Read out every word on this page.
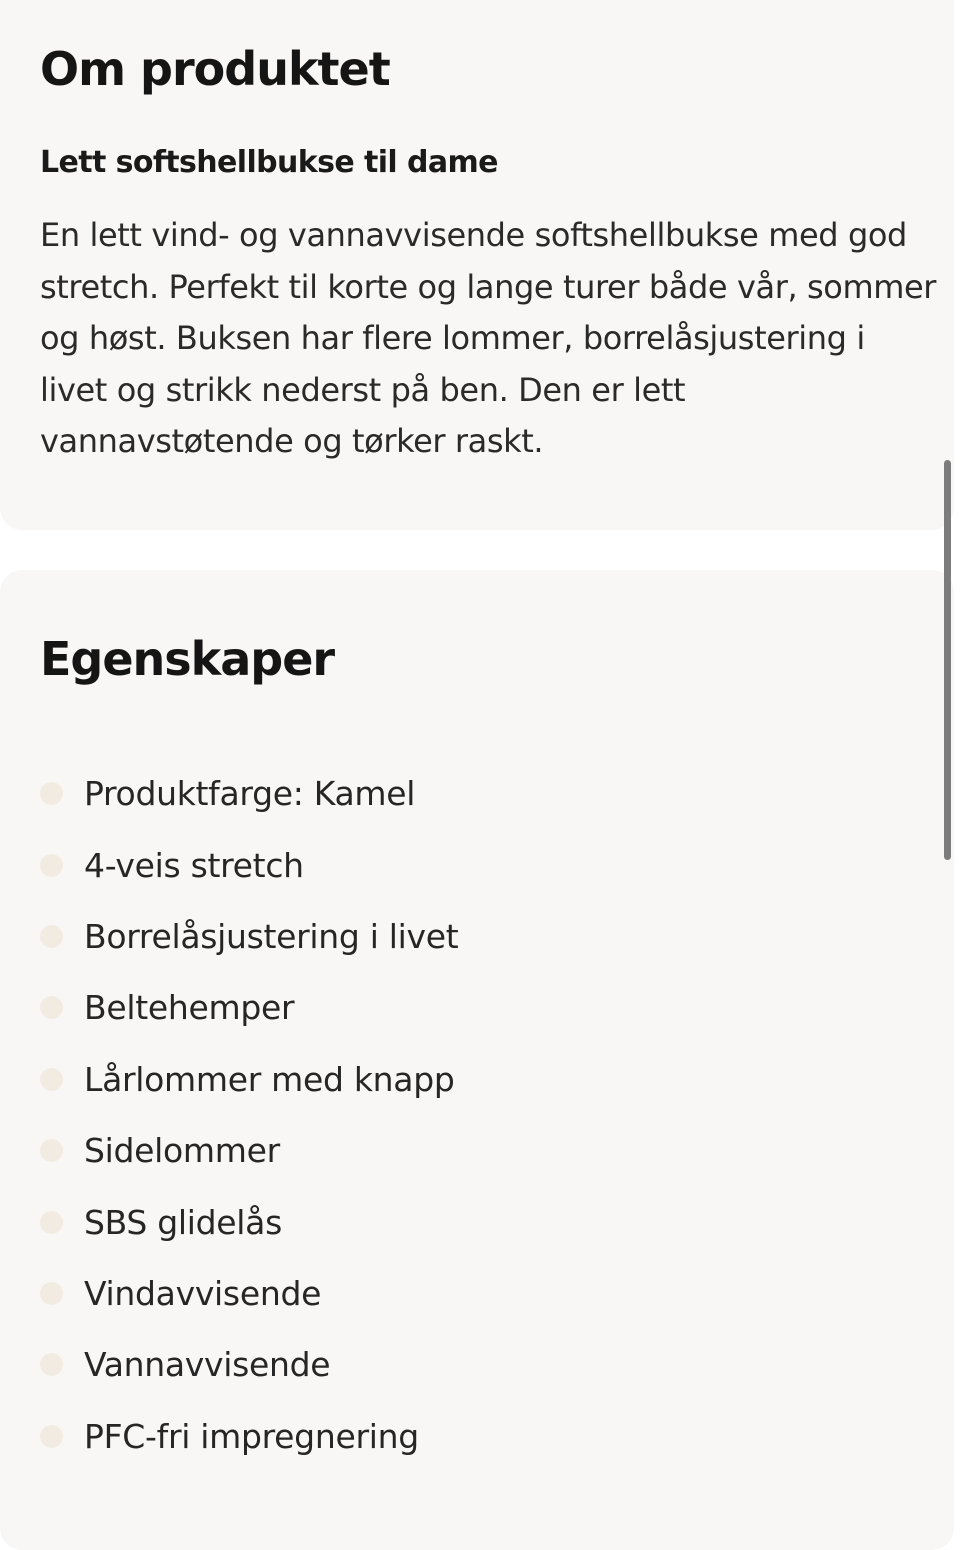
Om produktet
Lett softshellbukse til dame

En lett vind- og vannavvisende softshellbukse med god stretch. Perfekt til korte og lange turer både vår, sommer og høst. Buksen har flere lommer, borrelåsjustering i livet og strikk nederst på ben. Den er lett vannavstøtende og tørker raskt.

Egenskaper
Produktfarge: Kamel
4-veis stretch
Borrelåsjustering i livet
Beltehemper
Lårlommer med knapp
Sidelommer
SBS glidelås
Vindavvisende
Vannavvisende
PFC-fri impregnering
